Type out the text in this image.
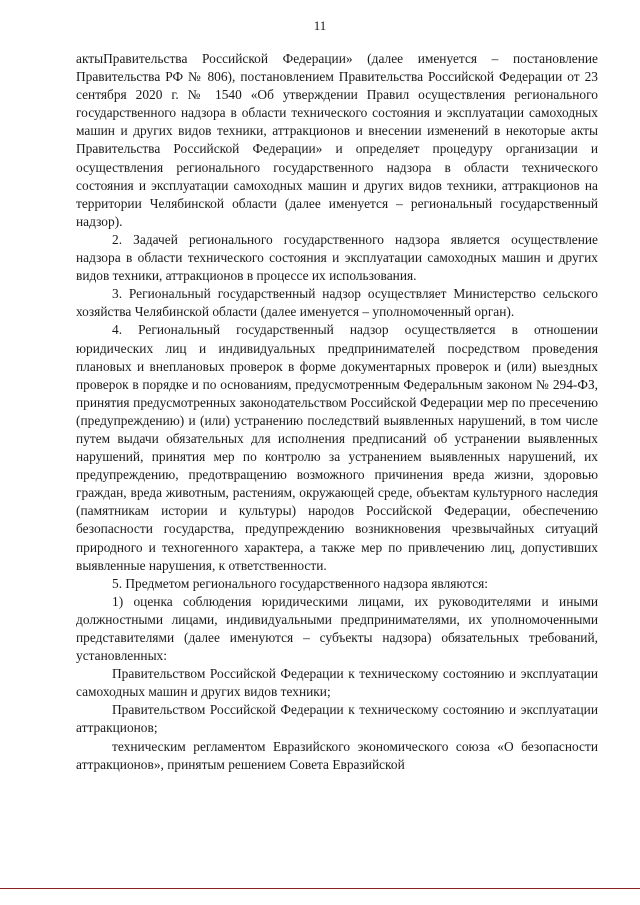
11

актыПравительства Российской Федерации» (далее именуется – постановление Правительства РФ № 806), постановлением Правительства Российской Федерации от 23 сентября 2020 г. № 1540 «Об утверждении Правил осуществления регионального государственного надзора в области технического состояния и эксплуатации самоходных машин и других видов техники, аттракционов и внесении изменений в некоторые акты Правительства Российской Федерации» и определяет процедуру организации и осуществления регионального государственного надзора в области технического состояния и эксплуатации самоходных машин и других видов техники, аттракционов на территории Челябинской области (далее именуется – региональный государственный надзор).

2. Задачей регионального государственного надзора является осуществление надзора в области технического состояния и эксплуатации самоходных машин и других видов техники, аттракционов в процессе их использования.

3. Региональный государственный надзор осуществляет Министерство сельского хозяйства Челябинской области (далее именуется – уполномоченный орган).

4. Региональный государственный надзор осуществляется в отношении юридических лиц и индивидуальных предпринимателей посредством проведения плановых и внеплановых проверок в форме документарных проверок и (или) выездных проверок в порядке и по основаниям, предусмотренным Федеральным законом № 294-ФЗ, принятия предусмотренных законодательством Российской Федерации мер по пресечению (предупреждению) и (или) устранению последствий выявленных нарушений, в том числе путем выдачи обязательных для исполнения предписаний об устранении выявленных нарушений, принятия мер по контролю за устранением выявленных нарушений, их предупреждению, предотвращению возможного причинения вреда жизни, здоровью граждан, вреда животным, растениям, окружающей среде, объектам культурного наследия (памятникам истории и культуры) народов Российской Федерации, обеспечению безопасности государства, предупреждению возникновения чрезвычайных ситуаций природного и техногенного характера, а также мер по привлечению лиц, допустивших выявленные нарушения, к ответственности.

5. Предметом регионального государственного надзора являются:

1) оценка соблюдения юридическими лицами, их руководителями и иными должностными лицами, индивидуальными предпринимателями, их уполномоченными представителями (далее именуются – субъекты надзора) обязательных требований, установленных:

Правительством Российской Федерации к техническому состоянию и эксплуатации самоходных машин и других видов техники;

Правительством Российской Федерации к техническому состоянию и эксплуатации аттракционов;

техническим регламентом Евразийского экономического союза «О безопасности аттракционов», принятым решением Совета Евразийской
